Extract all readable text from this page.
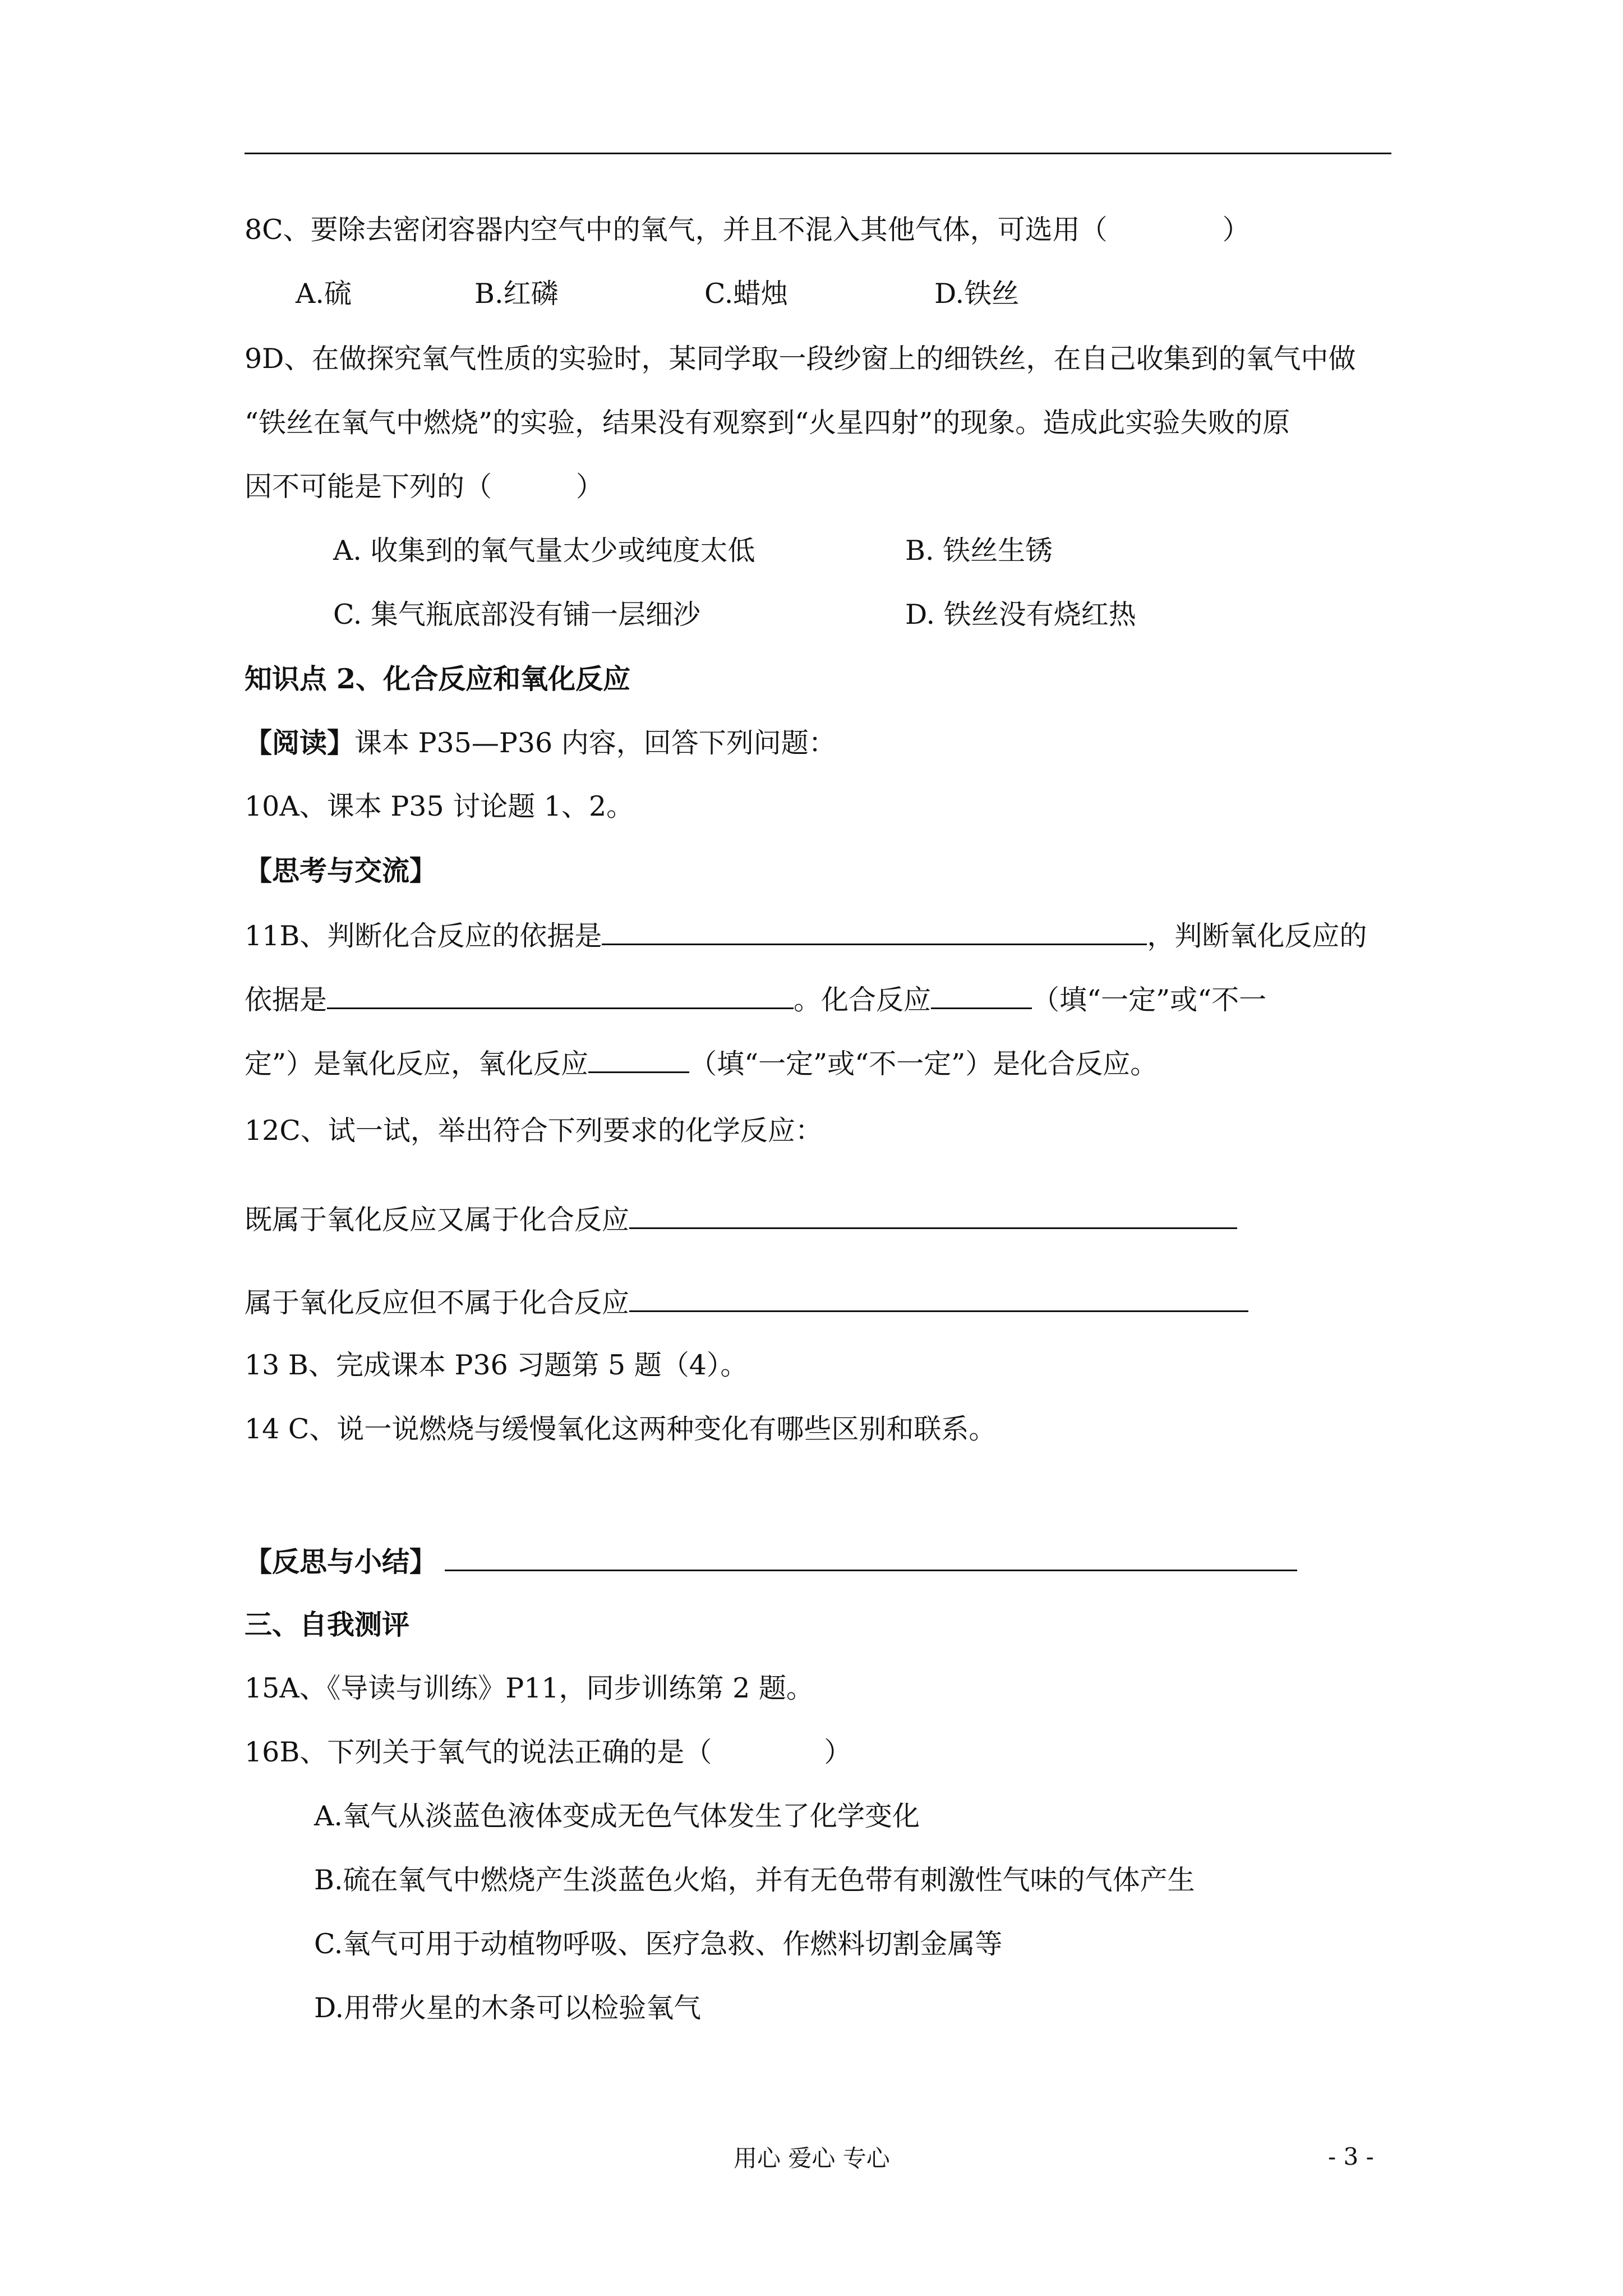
8C、要除去密闭容器内空气中的氧气，并且不混入其他气体，可选用（	）
A.硫	B.红磷	C.蜡烛	D.铁丝
9D、在做探究氧气性质的实验时，某同学取一段纱窗上的细铁丝，在自己收集到的氧气中做
“铁丝在氧气中燃烧”的实验，结果没有观察到“火星四射”的现象。造成此实验失败的原
因不可能是下列的（	）
A. 收集到的氧气量太少或纯度太低	B. 铁丝生锈
C. 集气瓶底部没有铺一层细沙	D. 铁丝没有烧红热
知识点 2、化合反应和氧化反应
【阅读】课本 P35—P36 内容，回答下列问题：
10A、课本 P35 讨论题 1、2。
【思考与交流】
11B、判断化合反应的依据是	，判断氧化反应的
依据是	。化合反应	（填“一定”或“不一
定”）是氧化反应，氧化反应	（填“一定”或“不一定”）是化合反应。
12C、试一试，举出符合下列要求的化学反应：
既属于氧化反应又属于化合反应
属于氧化反应但不属于化合反应
13 B、完成课本 P36 习题第 5 题（4）。
14 C、说一说燃烧与缓慢氧化这两种变化有哪些区别和联系。
【反思与小结】
三、自我测评
15A、《导读与训练》P11，同步训练第 2 题。
16B、下列关于氧气的说法正确的是（	）
A.氧气从淡蓝色液体变成无色气体发生了化学变化
B.硫在氧气中燃烧产生淡蓝色火焰，并有无色带有刺激性气味的气体产生
C.氧气可用于动植物呼吸、医疗急救、作燃料切割金属等
D.用带火星的木条可以检验氧气
用心 爱心 专心	- 3 -
